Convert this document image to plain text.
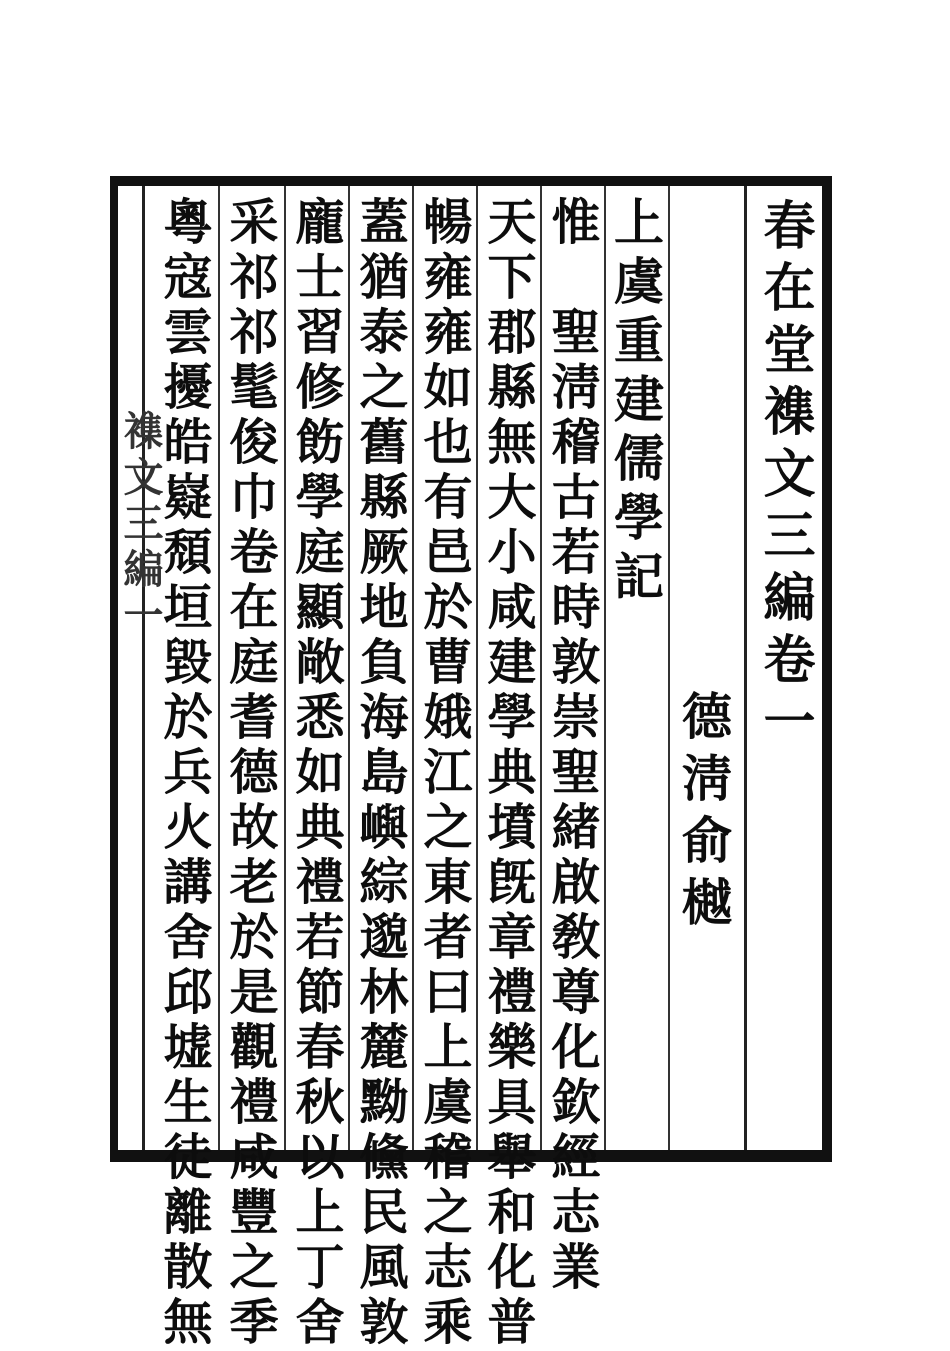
春在堂襍文三編卷一
德淸俞樾
上虞重建儒學記
惟　聖淸稽古若時敦崇聖緒啟敎尊化欽經志業
天下郡縣無大小咸建學典墳旣章禮樂具舉和化普
暢雍雍如也有邑於曹娥江之東者曰上虞稽之志乘
蓋猶泰之舊縣厥地負海島嶼綜邈林麓黝儵民風敦
龐士習修飭學庭顯敞悉如典禮若節春秋以上丁舍
采祁祁髦俊巾卷在庭耆德故老於是觀禮咸豐之季
粵寇雲擾皓嶷頹垣毀於兵火講舍邱墟生徒離散無
襍文三編一
